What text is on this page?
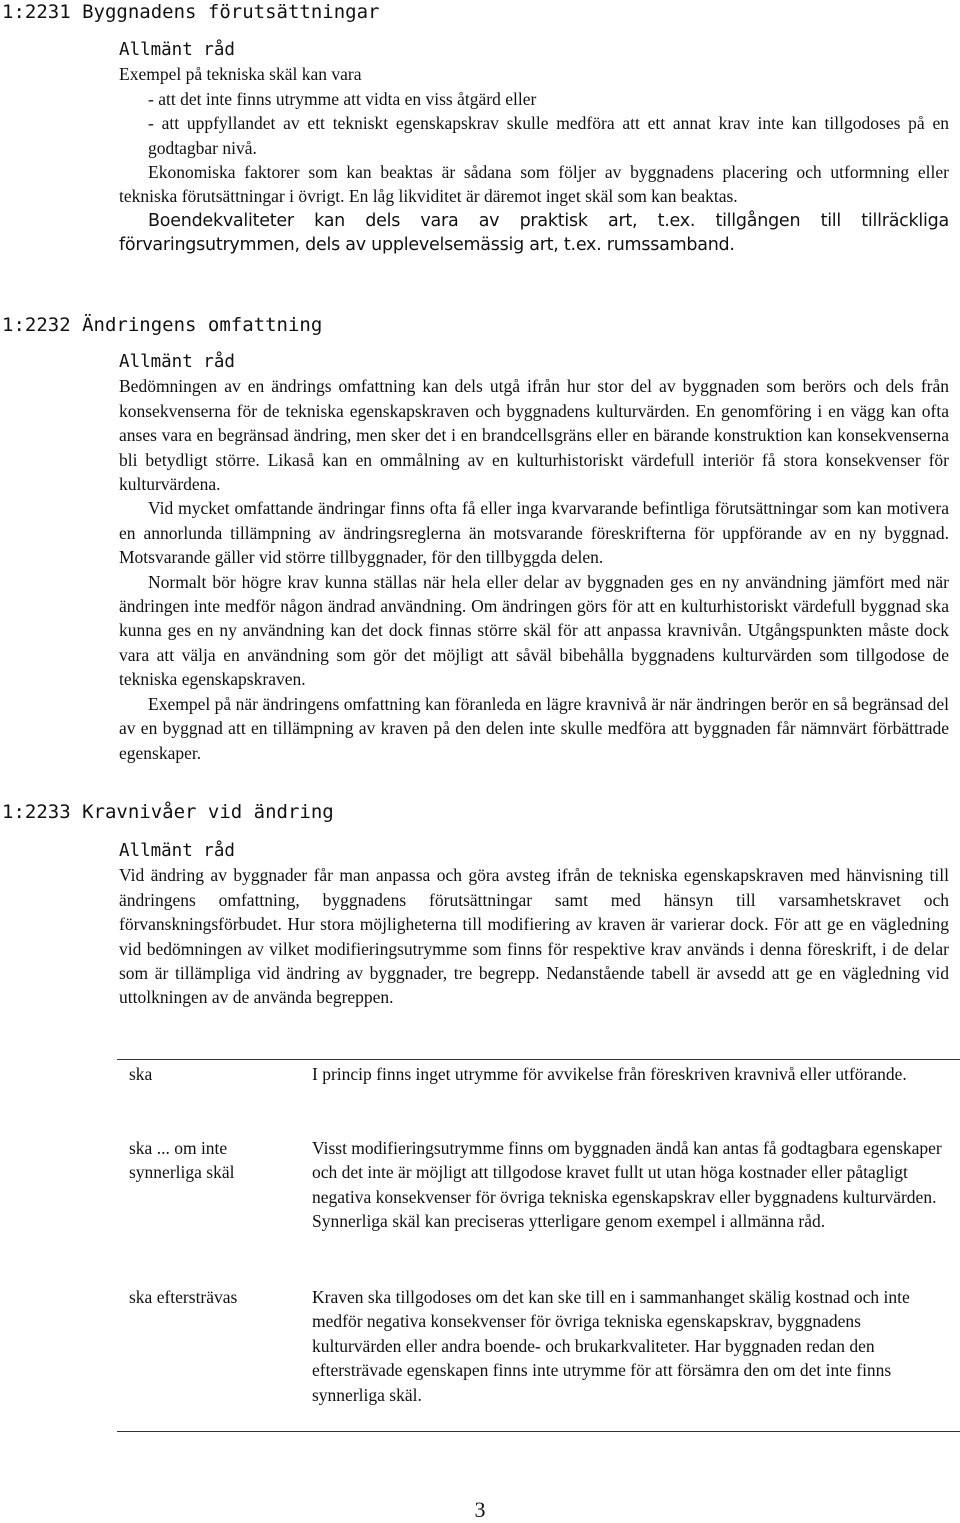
1:2231 Byggnadens förutsättningar

Allmänt råd

Exempel på tekniska skäl kan vara

- att det inte finns utrymme att vidta en viss åtgärd eller

- att uppfyllandet av ett tekniskt egenskapskrav skulle medföra att ett annat krav inte kan tillgodoses på en godtagbar nivå.

Ekonomiska faktorer som kan beaktas är sådana som följer av byggnadens placering och utformning eller tekniska förutsättningar i övrigt. En låg likviditet är däremot inget skäl som kan beaktas.

Boendekvaliteter kan dels vara av praktisk art, t.ex. tillgången till tillräckliga förvaringsutrymmen, dels av upplevelsemässig art, t.ex. rumssamband.

1:2232 Ändringens omfattning

Allmänt råd

Bedömningen av en ändrings omfattning kan dels utgå ifrån hur stor del av byggnaden som berörs och dels från konsekvenserna för de tekniska egenskapskraven och byggnadens kulturvärden. En genomföring i en vägg kan ofta anses vara en begränsad ändring, men sker det i en brandcellsgräns eller en bärande konstruktion kan konsekvenserna bli betydligt större. Likaså kan en ommålning av en kulturhistoriskt värdefull interiör få stora konsekvenser för kulturvärdena.

Vid mycket omfattande ändringar finns ofta få eller inga kvarvarande befintliga förutsättningar som kan motivera en annorlunda tillämpning av ändringsreglerna än motsvarande föreskrifterna för uppförande av en ny byggnad. Motsvarande gäller vid större tillbyggnader, för den tillbyggda delen.

Normalt bör högre krav kunna ställas när hela eller delar av byggnaden ges en ny användning jämfört med när ändringen inte medför någon ändrad användning. Om ändringen görs för att en kulturhistoriskt värdefull byggnad ska kunna ges en ny användning kan det dock finnas större skäl för att anpassa kravnivån. Utgångspunkten måste dock vara att välja en användning som gör det möjligt att såväl bibehålla byggnadens kulturvärden som tillgodose de tekniska egenskapskraven.

Exempel på när ändringens omfattning kan föranleda en lägre kravnivå är när ändringen berör en så begränsad del av en byggnad att en tillämpning av kraven på den delen inte skulle medföra att byggnaden får nämnvärt förbättrade egenskaper.

1:2233 Kravnivåer vid ändring

Allmänt råd

Vid ändring av byggnader får man anpassa och göra avsteg ifrån de tekniska egenskapskraven med hänvisning till ändringens omfattning, byggnadens förutsättningar samt med hänsyn till varsamhetskravet och förvanskningsförbudet. Hur stora möjligheterna till modifiering av kraven är varierar dock. För att ge en vägledning vid bedömningen av vilket modifieringsutrymme som finns för respektive krav används i denna föreskrift, i de delar som är tillämpliga vid ändring av byggnader, tre begrepp. Nedanstående tabell är avsedd att ge en vägledning vid uttolkningen av de använda begreppen.

ska	I princip finns inget utrymme för avvikelse från föreskriven kravnivå eller utförande.
ska ... om inte synnerliga skäl
Visst modifieringsutrymme finns om byggnaden ändå kan antas få godtagbara egenskaper och det inte är möjligt att tillgodose kravet fullt ut utan höga kostnader eller påtagligt negativa konsekvenser för övriga tekniska egenskapskrav eller byggnadens kulturvärden. Synnerliga skäl kan preciseras ytterligare genom exempel i allmänna råd.
ska eftersträvas	Kraven ska tillgodoses om det kan ske till en i sammanhanget skälig kostnad och inte medför negativa konsekvenser för övriga tekniska egenskapskrav, byggnadens kulturvärden eller andra boende- och brukarkvaliteter. Har byggnaden redan den eftersträvade egenskapen finns inte utrymme för att försämra den om det inte finns synnerliga skäl.
3
